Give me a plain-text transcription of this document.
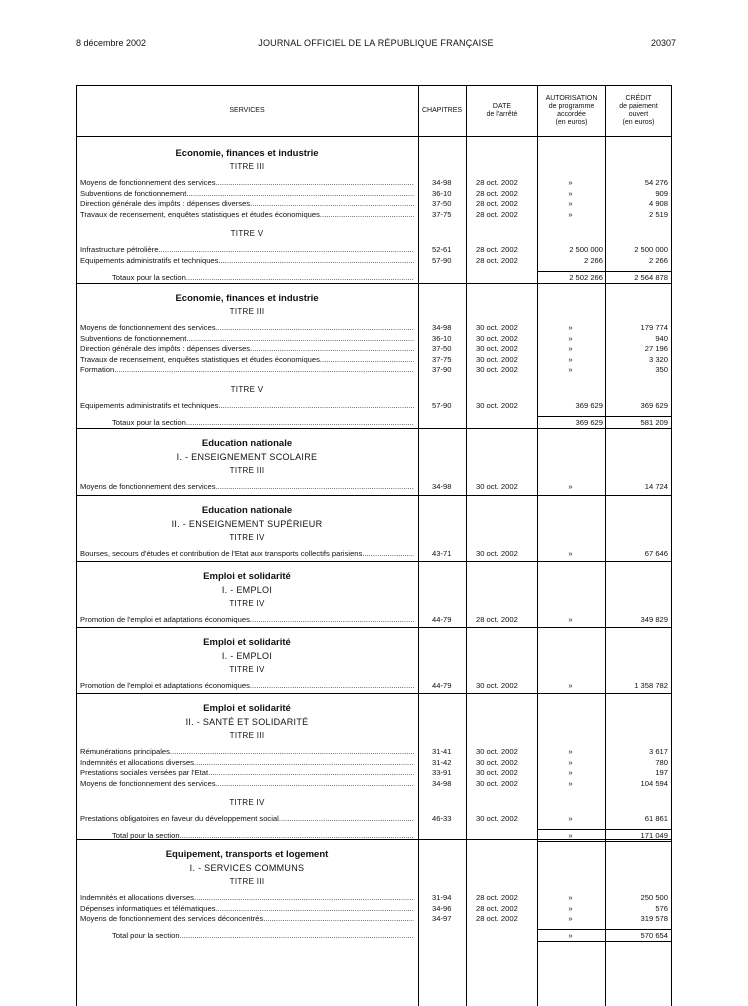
8 décembre 2002	JOURNAL OFFICIEL DE LA RÉPUBLIQUE FRANÇAISE	20307
SERVICES	CHAPITRES
DATE
de l'arrêté
AUTORISATION
de programme
accordée
(en euros)
CRÉDIT
de paiement
ouvert
(en euros)
Economie, finances et industrie
TITRE III
Moyens de fonctionnement des services .....	34-98	28 oct. 2002	»	54 276
Subventions de fonctionnement .....	36-10	28 oct. 2002	»	909
Direction générale des impôts : dépenses diverses .....	37-50	28 oct. 2002	»	4 908
Travaux de recensement, enquêtes statistiques et études économiques .....	37-75	28 oct. 2002	»	2 519
TITRE V
Infrastructure pétrolière .....	52-61	28 oct. 2002	2 500 000	2 500 000
Equipements administratifs et techniques .....	57-90	28 oct. 2002	2 266	2 266
Totaux pour la section .....	2 502 266	2 564 878
Economie, finances et industrie
TITRE III
Moyens de fonctionnement des services .....	34-98	30 oct. 2002	»	179 774
Subventions de fonctionnement .....	36-10	30 oct. 2002	»	940
Direction générale des impôts : dépenses diverses .....	37-50	30 oct. 2002	»	27 196
Travaux de recensement, enquêtes statistiques et études économiques .....	37-75	30 oct. 2002	»	3 320
Formation .....	37-90	30 oct. 2002	»	350
TITRE V
Equipements administratifs et techniques .....	57-90	30 oct. 2002	369 629	369 629
Totaux pour la section .....	369 629	581 209
Education nationale
I. - ENSEIGNEMENT SCOLAIRE
TITRE III
Moyens de fonctionnement des services .....	34-98	30 oct. 2002	»	14 724
Education nationale
II. - ENSEIGNEMENT SUPÉRIEUR
TITRE IV
Bourses, secours d'études et contribution de l'Etat aux transports collectifs parisiens .....	43-71	30 oct. 2002	»	67 646
Emploi et solidarité
I. - EMPLOI
TITRE IV
Promotion de l'emploi et adaptations économiques .....	44-79	28 oct. 2002	»	349 829
Emploi et solidarité
I. - EMPLOI
TITRE IV
Promotion de l'emploi et adaptations économiques .....	44-79	30 oct. 2002	»	1 358 782
Emploi et solidarité
II. - SANTÉ ET SOLIDARITÉ
TITRE III
Rémunérations principales .....	31-41	30 oct. 2002	»	3 617
Indemnités et allocations diverses .....	31-42	30 oct. 2002	»	780
Prestations sociales versées par l'Etat .....	33-91	30 oct. 2002	»	197
Moyens de fonctionnement des services .....	34-98	30 oct. 2002	»	104 594
TITRE IV
Prestations obligatoires en faveur du développement social .....	46-33	30 oct. 2002	»	61 861
Total pour la section .....	»	171 049
Equipement, transports et logement
I. - SERVICES COMMUNS
TITRE III
Indemnités et allocations diverses .....	31-94	28 oct. 2002	»	250 500
Dépenses informatiques et télématiques .....	34-96	28 oct. 2002	»	576
Moyens de fonctionnement des services déconcentrés .....	34-97	28 oct. 2002	»	319 578
Total pour la section .....	»	570 654
